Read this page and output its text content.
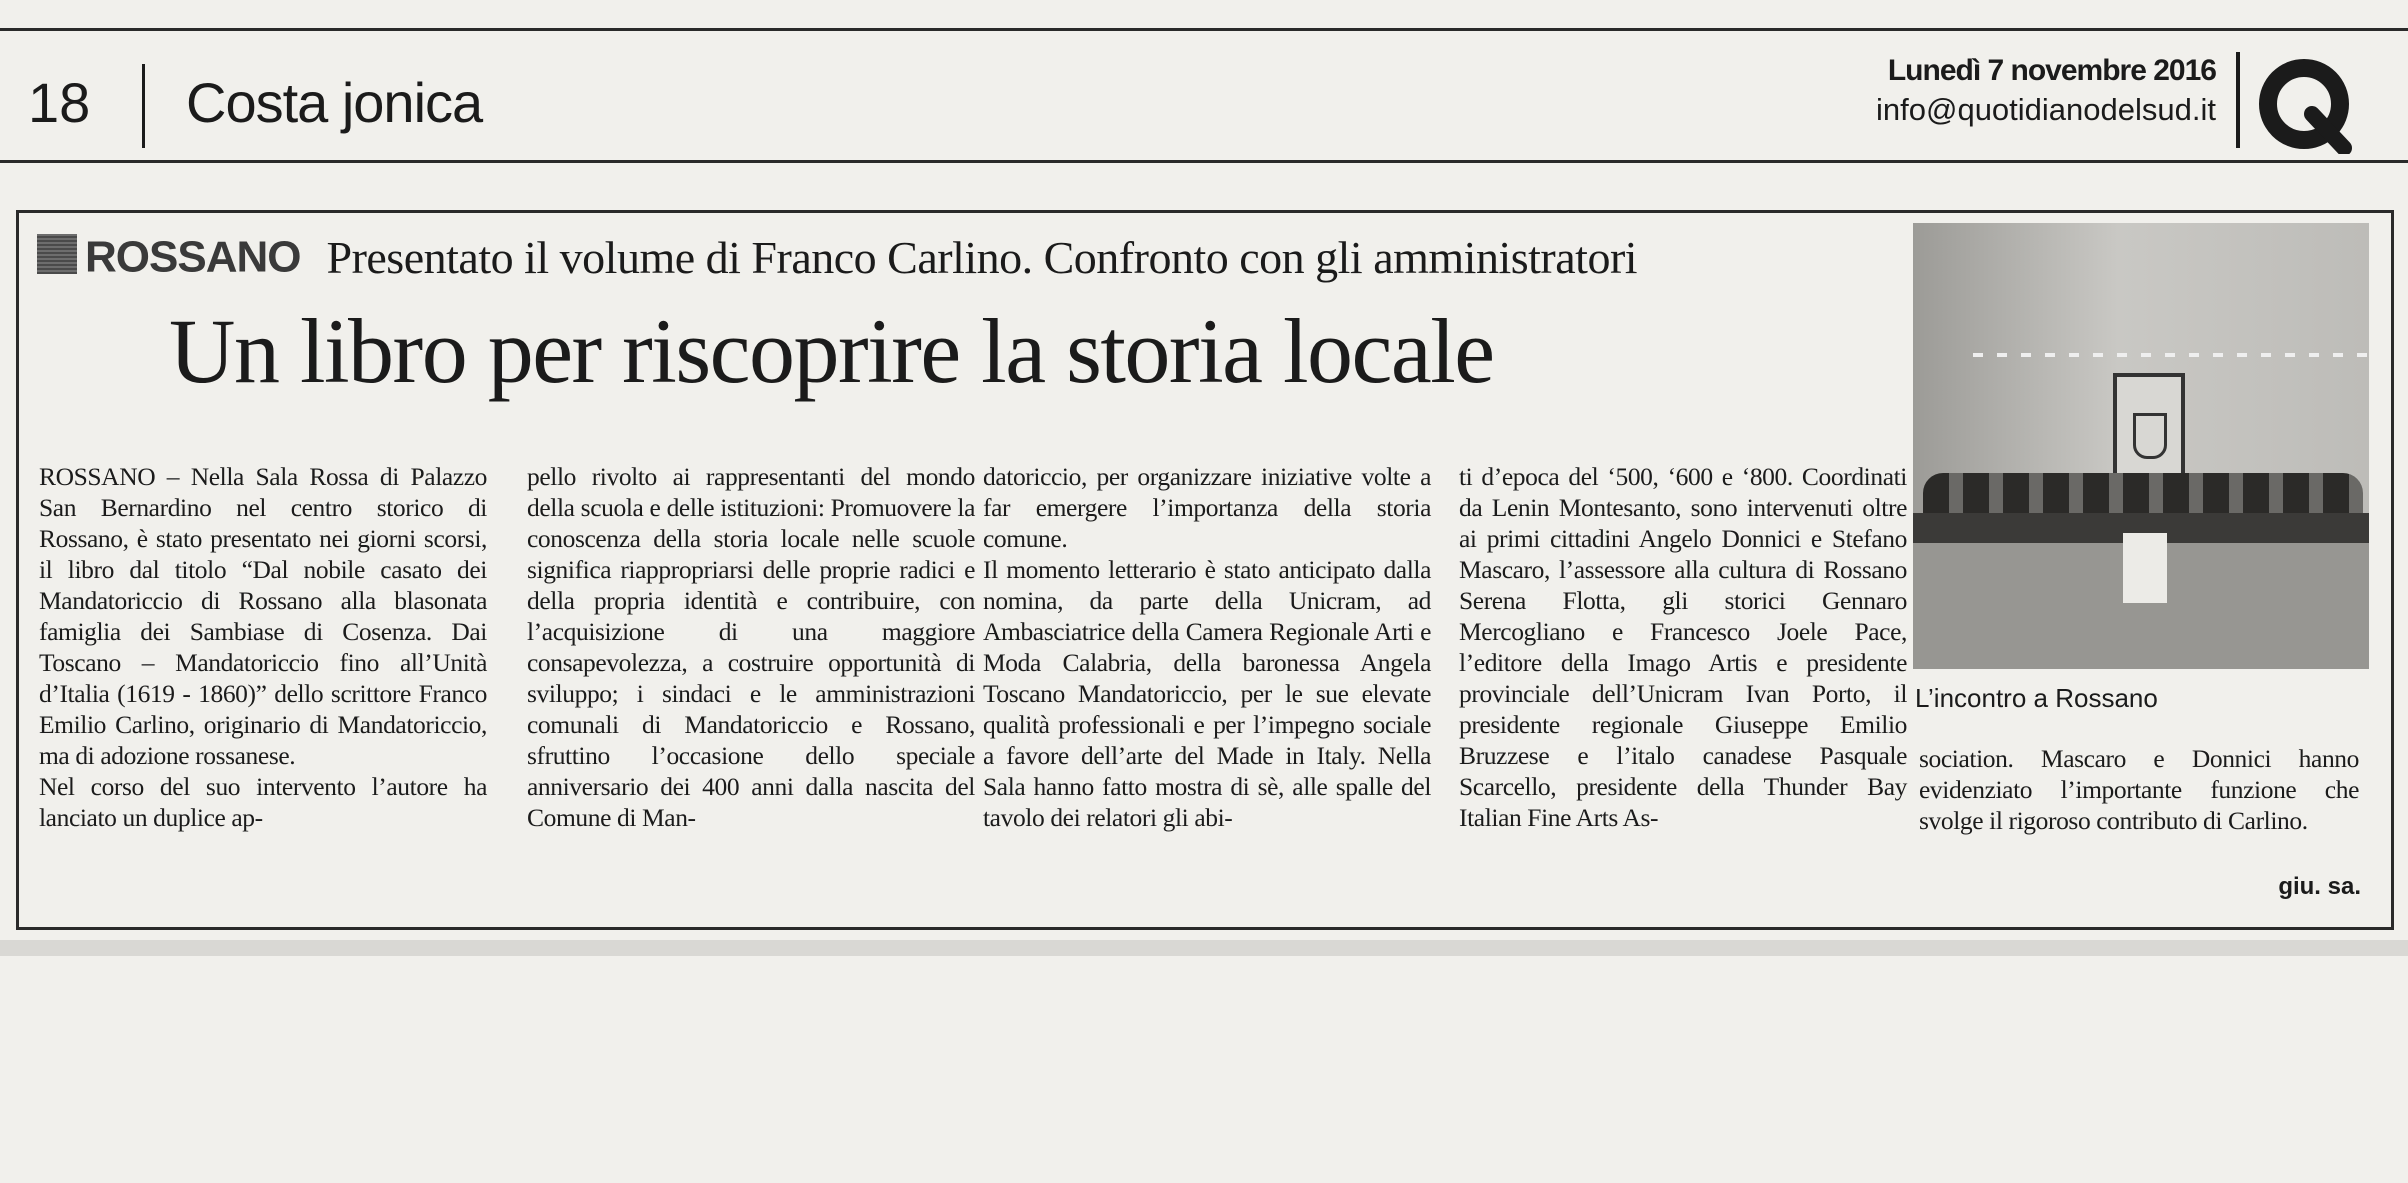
18 Costa jonica
Lunedì 7 novembre 2016
info@quotidianodelsud.it
ROSSANO Presentato il volume di Franco Carlino. Confronto con gli amministratori
Un libro per riscoprire la storia locale

ROSSANO – Nella Sala Rossa di Palazzo San Bernardino nel centro storico di Rossano, è stato presentato nei giorni scorsi, il libro dal titolo “Dal nobile casato dei Mandatoriccio di Rossano alla blasonata famiglia dei Sambiase di Cosenza. Dai Toscano – Mandatoriccio fino all’Unità d’Italia (1619 - 1860)” dello scrittore Franco Emilio Carlino, originario di Mandatoriccio, ma di adozione rossanese.
Nel corso del suo intervento l’autore ha lanciato un duplice ap-

pello rivolto ai rappresentanti del mondo della scuola e delle istituzioni: Promuovere la conoscenza della storia locale nelle scuole significa riappropriarsi delle proprie radici e della propria identità e contribuire, con l’acquisizione di una maggiore consapevolezza, a costruire opportunità di sviluppo; i sindaci e le amministrazioni comunali di Mandatoriccio e Rossano, sfruttino l’occasione dello speciale anniversario dei 400 anni dalla nascita del Comune di Man-

datoriccio, per organizzare iniziative volte a far emergere l’importanza della storia comune.
Il momento letterario è stato anticipato dalla nomina, da parte della Unicram, ad Ambasciatrice della Camera Regionale Arti e Moda Calabria, della baronessa Angela Toscano Mandatoriccio, per le sue elevate qualità professionali e per l’impegno sociale a favore dell’arte del Made in Italy. Nella Sala hanno fatto mostra di sè, alle spalle del tavolo dei relatori gli abi-

ti d’epoca del ‘500, ‘600 e ‘800. Coordinati da Lenin Montesanto, sono intervenuti oltre ai primi cittadini Angelo Donnici e Stefano Mascaro, l’assessore alla cultura di Rossano Serena Flotta, gli storici Gennaro Mercogliano e Francesco Joele Pace, l’editore della Imago Artis e presidente provinciale dell’Unicram Ivan Porto, il presidente regionale Giuseppe Emilio Bruzzese e l’italo canadese Pasquale Scarcello, presidente della Thunder Bay Italian Fine Arts As-

L’incontro a Rossano

sociation. Mascaro e Donnici hanno evidenziato l’importante funzione che svolge il rigoroso contributo di Carlino.

giu. sa.
